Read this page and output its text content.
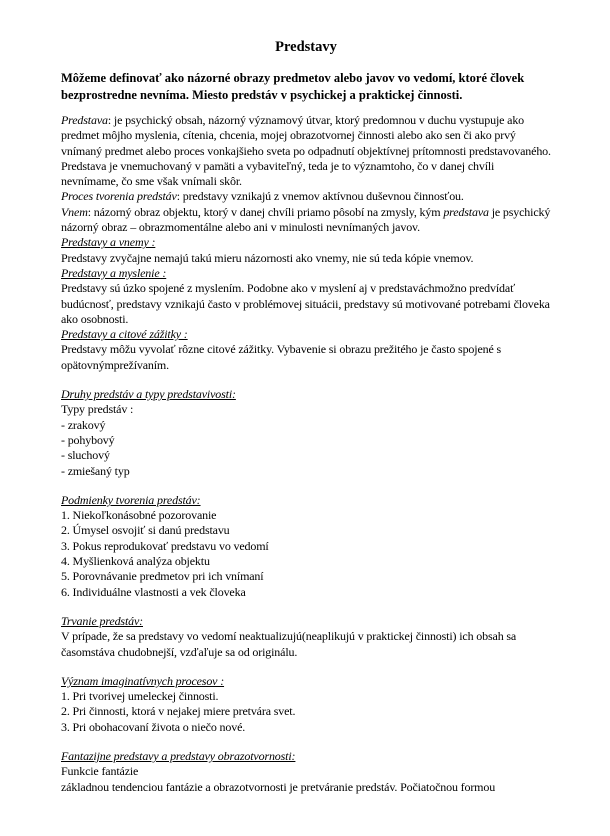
Predstavy

Môžeme definovať ako názorné obrazy predmetov alebo javov vo vedomí, ktoré človek bezprostredne nevníma. Miesto predstáv v psychickej a praktickej činnosti.

Predstava: je psychický obsah, názorný významový útvar, ktorý predomnou v duchu vystupuje ako predmet môjho myslenia, cítenia, chcenia, mojej obrazotvornej činnosti alebo ako sen či ako prvý vnímaný predmet alebo proces vonkajšieho sveta po odpadnutí objektívnej prítomnosti predstavovaného. Predstava je vnemuchovaný v pamäti a vybaviteľný, teda je to významtoho, čo v danej chvíli nevnímame, čo sme však vnímali skôr.

Proces tvorenia predstáv: predstavy vznikajú z vnemov aktívnou duševnou činnosťou.

Vnem: názorný obraz objektu, ktorý v danej chvíli priamo pôsobí na zmysly, kým predstava je psychický názorný obraz – obrazmomentálne alebo ani v minulosti nevnímaných javov.

Predstavy a vnemy :

Predstavy zvyčajne nemajú takú mieru názornosti ako vnemy, nie sú teda kópie vnemov.

Predstavy a myslenie :

Predstavy sú úzko spojené z myslením. Podobne ako v myslení aj v predstaváchmožno predvídať budúcnosť, predstavy vznikajú často v problémovej situácii, predstavy sú motivované potrebami človeka ako osobnosti.

Predstavy a citové zážitky :

Predstavy môžu vyvolať rôzne citové zážitky. Vybavenie si obrazu prežitého je často spojené s opätovnýmprežívaním.

Druhy predstáv a typy predstavivosti:

Typy predstáv :

- zrakový

- pohybový

- sluchový

- zmiešaný typ

Podmienky tvorenia predstáv:

1. Niekoľkonásobné pozorovanie

2. Úmysel osvojiť si danú predstavu

3. Pokus reprodukovať predstavu vo vedomí

4. Myšlienková analýza objektu

5. Porovnávanie predmetov pri ich vnímaní

6. Individuálne vlastnosti a vek človeka

Trvanie predstáv:

V prípade, že sa predstavy vo vedomí neaktualizujú(neaplikujú v praktickej činnosti) ich obsah sa časomstáva chudobnejší, vzďaľuje sa od originálu.

Význam imaginatívnych procesov :

1. Pri tvorivej umeleckej činnosti.

2. Pri činnosti, ktorá v nejakej miere pretvára svet.

3. Pri obohacovaní života o niečo nové.

Fantazijne predstavy a predstavy obrazotvornosti:

Funkcie fantázie

základnou tendenciou fantázie a obrazotvornosti je pretváranie predstáv. Počiatočnou formou
